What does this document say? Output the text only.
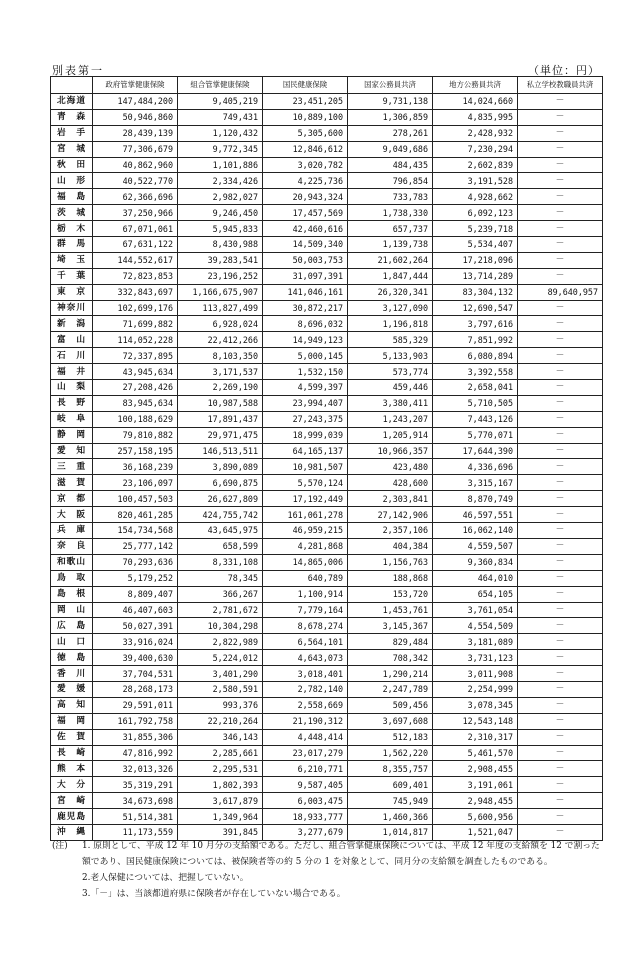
別表第一	（単位：円）
	政府管掌健康保険	組合管掌健康保険	国民健康保険	国家公務員共済	地方公務員共済	私立学校教職員共済
北海道	147,484,200	9,405,219	23,451,205	9,731,138	14,024,660	－
青　森	50,946,860	749,431	10,889,100	1,306,859	4,835,995	－
岩　手	28,439,139	1,120,432	5,305,600	278,261	2,428,932	－
宮　城	77,306,679	9,772,345	12,846,612	9,049,686	7,230,294	－
秋　田	40,862,960	1,101,886	3,020,782	484,435	2,602,839	－
山　形	40,522,770	2,334,426	4,225,736	796,854	3,191,528	－
福　島	62,366,696	2,982,027	20,943,324	733,783	4,928,662	－
茨　城	37,250,966	9,246,450	17,457,569	1,738,330	6,092,123	－
栃　木	67,071,061	5,945,833	42,460,616	657,737	5,239,718	－
群　馬	67,631,122	8,430,988	14,509,340	1,139,738	5,534,407	－
埼　玉	144,552,617	39,283,541	50,003,753	21,602,264	17,218,096	－
千　葉	72,823,853	23,196,252	31,097,391	1,847,444	13,714,289	－
東　京	332,843,697	1,166,675,907	141,046,161	26,320,341	83,304,132	89,640,957
神奈川	102,699,176	113,827,499	30,872,217	3,127,090	12,690,547	－
新　潟	71,699,882	6,928,024	8,696,032	1,196,818	3,797,616	－
富　山	114,052,228	22,412,266	14,949,123	585,329	7,851,992	－
石　川	72,337,895	8,103,350	5,000,145	5,133,903	6,080,894	－
福　井	43,945,634	3,171,537	1,532,150	573,774	3,392,558	－
山　梨	27,208,426	2,269,190	4,599,397	459,446	2,658,041	－
長　野	83,945,634	10,987,588	23,994,407	3,380,411	5,710,505	－
岐　阜	100,188,629	17,891,437	27,243,375	1,243,207	7,443,126	－
静　岡	79,810,882	29,971,475	18,999,039	1,205,914	5,770,071	－
愛　知	257,158,195	146,513,511	64,165,137	10,966,357	17,644,390	－
三　重	36,168,239	3,890,089	10,981,507	423,480	4,336,696	－
滋　賀	23,106,097	6,690,875	5,570,124	428,600	3,315,167	－
京　都	100,457,503	26,627,809	17,192,449	2,303,841	8,870,749	－
大　阪	820,461,285	424,755,742	161,061,278	27,142,906	46,597,551	－
兵　庫	154,734,568	43,645,975	46,959,215	2,357,106	16,062,140	－
奈　良	25,777,142	658,599	4,281,868	404,384	4,559,507	－
和歌山	70,293,636	8,331,108	14,865,006	1,156,763	9,360,834	－
鳥　取	5,179,252	78,345	640,789	188,868	464,010	－
島　根	8,809,407	366,267	1,100,914	153,720	654,105	－
岡　山	46,407,603	2,781,672	7,779,164	1,453,761	3,761,054	－
広　島	50,027,391	10,304,298	8,678,274	3,145,367	4,554,509	－
山　口	33,916,024	2,822,989	6,564,101	829,484	3,181,089	－
徳　島	39,400,630	5,224,012	4,643,073	708,342	3,731,123	－
香　川	37,704,531	3,401,290	3,018,401	1,290,214	3,011,908	－
愛　媛	28,268,173	2,580,591	2,782,140	2,247,789	2,254,999	－
高　知	29,591,011	993,376	2,558,669	509,456	3,078,345	－
福　岡	161,792,758	22,210,264	21,190,312	3,697,608	12,543,148	－
佐　賀	31,855,306	346,143	4,448,414	512,183	2,310,317	－
長　崎	47,816,992	2,285,661	23,017,279	1,562,220	5,461,570	－
熊　本	32,013,326	2,295,531	6,210,771	8,355,757	2,908,455	－
大　分	35,319,291	1,802,393	9,587,405	609,401	3,191,061	－
宮　崎	34,673,698	3,617,879	6,003,475	745,949	2,948,455	－
鹿児島	51,514,381	1,349,964	18,933,777	1,460,366	5,600,956	－
沖　縄	11,173,559	391,845	3,277,679	1,014,817	1,521,047	－
(注)	1. 原則として、平成 12 年 10 月分の支給額である。ただし、組合管掌健康保険については、平成 12 年度の支給額を 12 で割った額であり、国民健康保険については、被保険者等の約 5 分の 1 を対象として、同月分の支給額を調査したものである。
2. 老人保健については、把握していない。
3. 「－」は、当該都道府県に保険者が存在していない場合である。
